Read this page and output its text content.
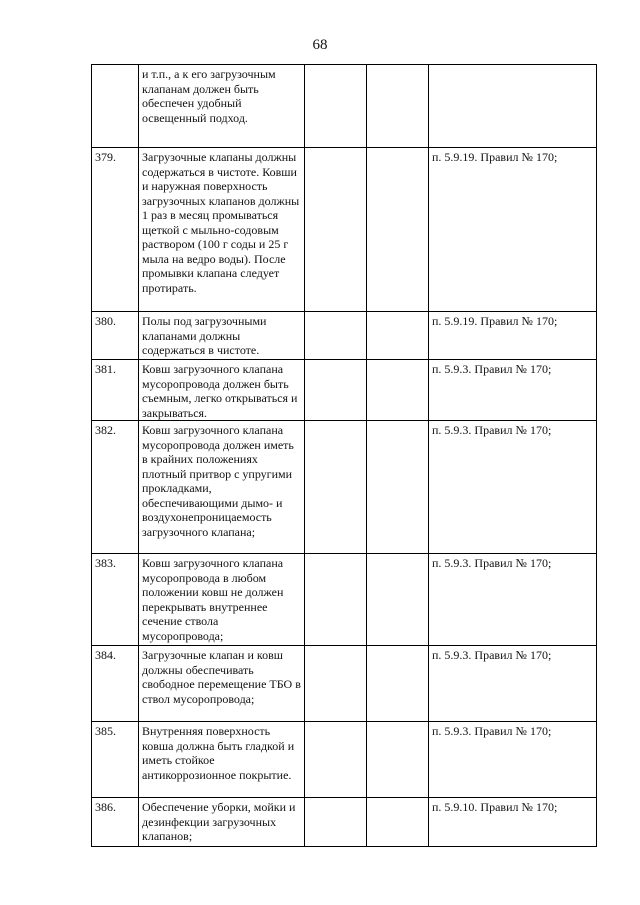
68
	и т.п., а к его загрузочным клапанам должен быть обеспечен удобный освещенный подход.			
379.	Загрузочные клапаны должны содержаться в чистоте. Ковши и наружная поверхность загрузочных клапанов должны 1 раз в месяц промываться щеткой с мыльно-содовым раствором (100 г соды и 25 г мыла на ведро воды). После промывки клапана следует протирать.			п. 5.9.19. Правил № 170;
380.	Полы под загрузочными клапанами должны содержаться в чистоте.			п. 5.9.19. Правил № 170;
381.	Ковш загрузочного клапана мусоропровода должен быть съемным, легко открываться и закрываться.			п. 5.9.3. Правил № 170;
382.	Ковш загрузочного клапана мусоропровода должен иметь в крайних положениях плотный притвор с упругими прокладками, обеспечивающими дымо- и воздухонепроницаемость загрузочного клапана;			п. 5.9.3. Правил № 170;
383.	Ковш загрузочного клапана мусоропровода в любом положении ковш не должен перекрывать внутреннее сечение ствола мусоропровода;			п. 5.9.3. Правил № 170;
384.	Загрузочные клапан и ковш должны обеспечивать свободное перемещение ТБО в ствол мусоропровода;			п. 5.9.3. Правил № 170;
385.	Внутренняя поверхность ковша должна быть гладкой и иметь стойкое антикоррозионное покрытие.			п. 5.9.3. Правил № 170;
386.	Обеспечение уборки, мойки и дезинфекции загрузочных клапанов;			п. 5.9.10. Правил № 170;
